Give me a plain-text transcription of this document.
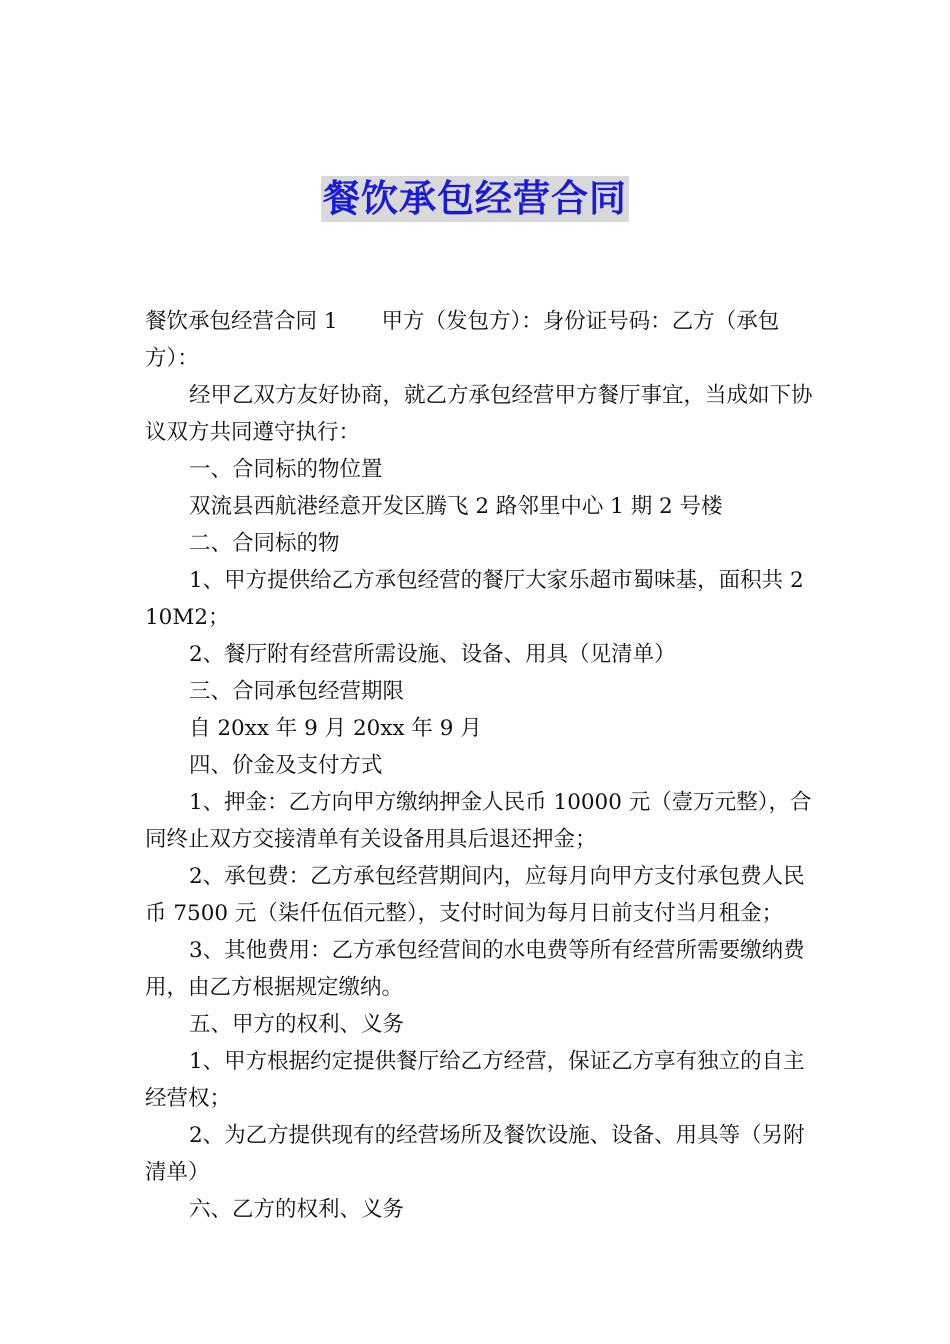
餐饮承包经营合同

餐饮承包经营合同 1 甲方（发包方）：身份证号码：乙方（承包方）：

经甲乙双方友好协商，就乙方承包经营甲方餐厅事宜，当成如下协议双方共同遵守执行：

一、合同标的物位置

双流县西航港经意开发区腾飞 2 路邻里中心 1 期 2 号楼

二、合同标的物

1、甲方提供给乙方承包经营的餐厅大家乐超市蜀味基，面积共 210M2；

2、餐厅附有经营所需设施、设备、用具（见清单）

三、合同承包经营期限

自 20xx 年 9 月 20xx 年 9 月

四、价金及支付方式

1、押金：乙方向甲方缴纳押金人民币 10000 元（壹万元整），合同终止双方交接清单有关设备用具后退还押金；

2、承包费：乙方承包经营期间内，应每月向甲方支付承包费人民币 7500 元（柒仟伍佰元整），支付时间为每月日前支付当月租金；

3、其他费用：乙方承包经营间的水电费等所有经营所需要缴纳费用，由乙方根据规定缴纳。

五、甲方的权利、义务

1、甲方根据约定提供餐厅给乙方经营，保证乙方享有独立的自主经营权；

2、为乙方提供现有的经营场所及餐饮设施、设备、用具等（另附清单）

六、乙方的权利、义务
